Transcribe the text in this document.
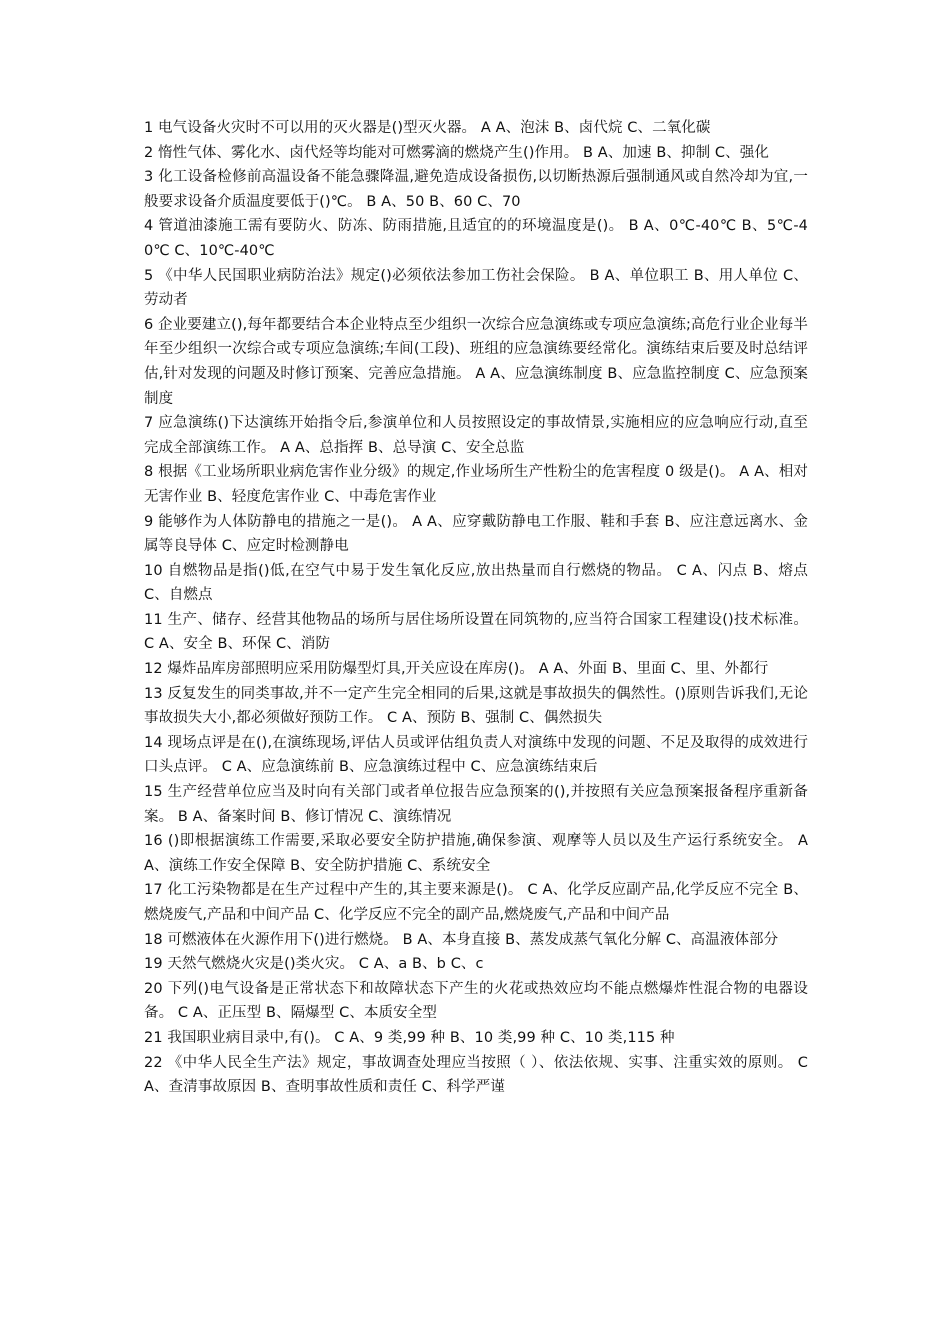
1 电气设备火灾时不可以用的灭火器是()型灭火器。 A A、泡沫 B、卤代烷 C、二氧化碳

2 惰性气体、雾化水、卤代烃等均能对可燃雾滴的燃烧产生()作用。 B A、加速 B、抑制 C、强化

3 化工设备检修前高温设备不能急骤降温,避免造成设备损伤,以切断热源后强制通风或自然冷却为宜,一般要求设备介质温度要低于()℃。 B A、50 B、60 C、70

4 管道油漆施工需有要防火、防冻、防雨措施,且适宜的的环境温度是()。 B A、0℃-40℃ B、5℃-40℃ C、10℃-40℃

5 《中华人民国职业病防治法》规定()必须依法参加工伤社会保险。 B A、单位职工 B、用人单位 C、劳动者

6 企业要建立(),每年都要结合本企业特点至少组织一次综合应急演练或专项应急演练;高危行业企业每半年至少组织一次综合或专项应急演练;车间(工段)、班组的应急演练要经常化。演练结束后要及时总结评估,针对发现的问题及时修订预案、完善应急措施。 A A、应急演练制度 B、应急监控制度 C、应急预案制度

7 应急演练()下达演练开始指令后,参演单位和人员按照设定的事故情景,实施相应的应急响应行动,直至完成全部演练工作。 A A、总指挥 B、总导演 C、安全总监

8 根据《工业场所职业病危害作业分级》的规定,作业场所生产性粉尘的危害程度 0 级是()。 A A、相对无害作业 B、轻度危害作业 C、中毒危害作业

9 能够作为人体防静电的措施之一是()。 A A、应穿戴防静电工作服、鞋和手套 B、应注意远离水、金属等良导体 C、应定时检测静电

10 自燃物品是指()低,在空气中易于发生氧化反应,放出热量而自行燃烧的物品。 C A、闪点 B、熔点 C、自燃点

11 生产、储存、经营其他物品的场所与居住场所设置在同筑物的,应当符合国家工程建设()技术标准。 C A、安全 B、环保 C、消防

12 爆炸品库房部照明应采用防爆型灯具,开关应设在库房()。 A A、外面 B、里面 C、里、外都行

13 反复发生的同类事故,并不一定产生完全相同的后果,这就是事故损失的偶然性。()原则告诉我们,无论事故损失大小,都必须做好预防工作。 C A、预防 B、强制 C、偶然损失

14 现场点评是在(),在演练现场,评估人员或评估组负责人对演练中发现的问题、不足及取得的成效进行口头点评。 C A、应急演练前 B、应急演练过程中 C、应急演练结束后

15 生产经营单位应当及时向有关部门或者单位报告应急预案的(),并按照有关应急预案报备程序重新备案。 B A、备案时间 B、修订情况 C、演练情况

16 ()即根据演练工作需要,采取必要安全防护措施,确保参演、观摩等人员以及生产运行系统安全。 A A、演练工作安全保障 B、安全防护措施 C、系统安全

17 化工污染物都是在生产过程中产生的,其主要来源是()。 C A、化学反应副产品,化学反应不完全 B、燃烧废气,产品和中间产品 C、化学反应不完全的副产品,燃烧废气,产品和中间产品

18 可燃液体在火源作用下()进行燃烧。 B A、本身直接 B、蒸发成蒸气氧化分解 C、高温液体部分

19 天然气燃烧火灾是()类火灾。 C A、a B、b C、c

20 下列()电气设备是正常状态下和故障状态下产生的火花或热效应均不能点燃爆炸性混合物的电器设备。 C A、正压型 B、隔爆型 C、本质安全型

21 我国职业病目录中,有()。 C A、9 类,99 种 B、10 类,99 种 C、10 类,115 种

22 《中华人民全生产法》规定，事故调查处理应当按照（ ）、依法依规、实事、注重实效的原则。 C A、查清事故原因 B、查明事故性质和责任 C、科学严谨
